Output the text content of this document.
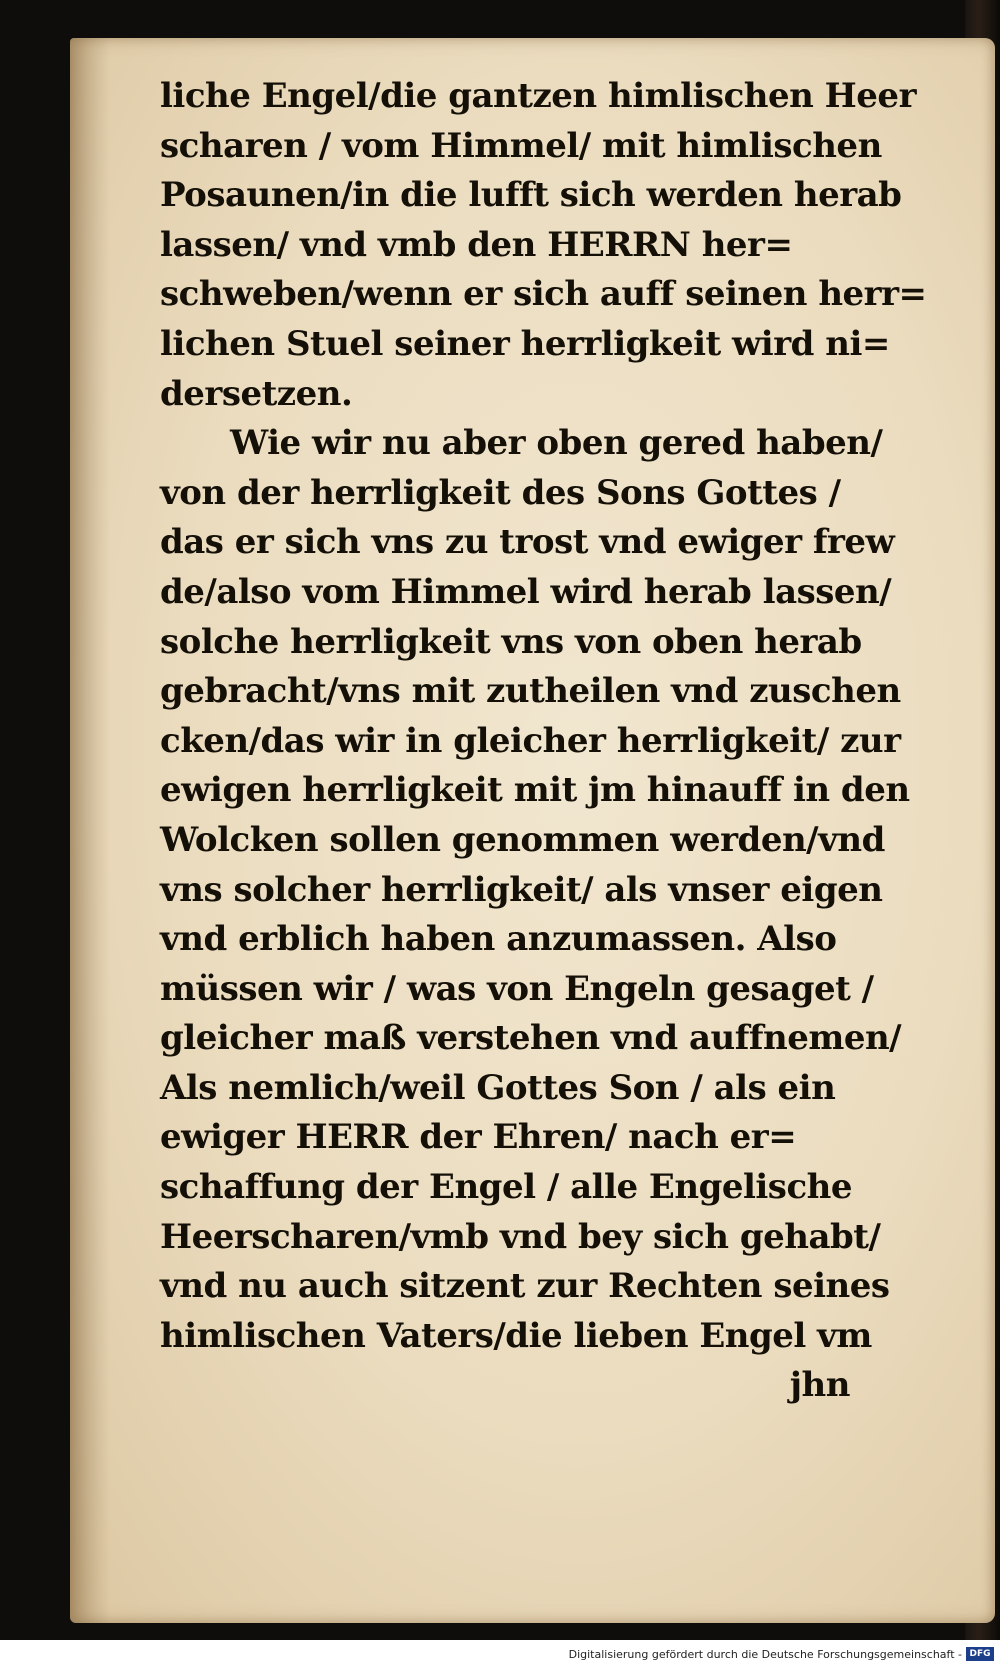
liche Engel/die gantzen himlischen Heer
scharen / vom Himmel/ mit himlischen
Posaunen/in die lufft sich werden herab
lassen/ vnd vmb den HERRN her=
schweben/wenn er sich auff seinen herr=
lichen Stuel seiner herrligkeit wird ni=
dersetzen.
Wie wir nu aber oben gered haben/
von der herrligkeit des Sons Gottes /
das er sich vns zu trost vnd ewiger frew
de/also vom Himmel wird herab lassen/
solche herrligkeit vns von oben herab
gebracht/vns mit zutheilen vnd zuschen
cken/das wir in gleicher herrligkeit/ zur
ewigen herrligkeit mit jm hinauff in den
Wolcken sollen genommen werden/vnd
vns solcher herrligkeit/ als vnser eigen
vnd erblich haben anzumassen. Also
müssen wir / was von Engeln gesaget /
gleicher maß verstehen vnd auffnemen/
Als nemlich/weil Gottes Son / als ein
ewiger HERR der Ehren/ nach er=
schaffung der Engel / alle Engelische
Heerscharen/vmb vnd bey sich gehabt/
vnd nu auch sitzent zur Rechten seines
himlischen Vaters/die lieben Engel vm
jhn
Digitalisierung gefördert durch die Deutsche Forschungsgemeinschaft - DFG
